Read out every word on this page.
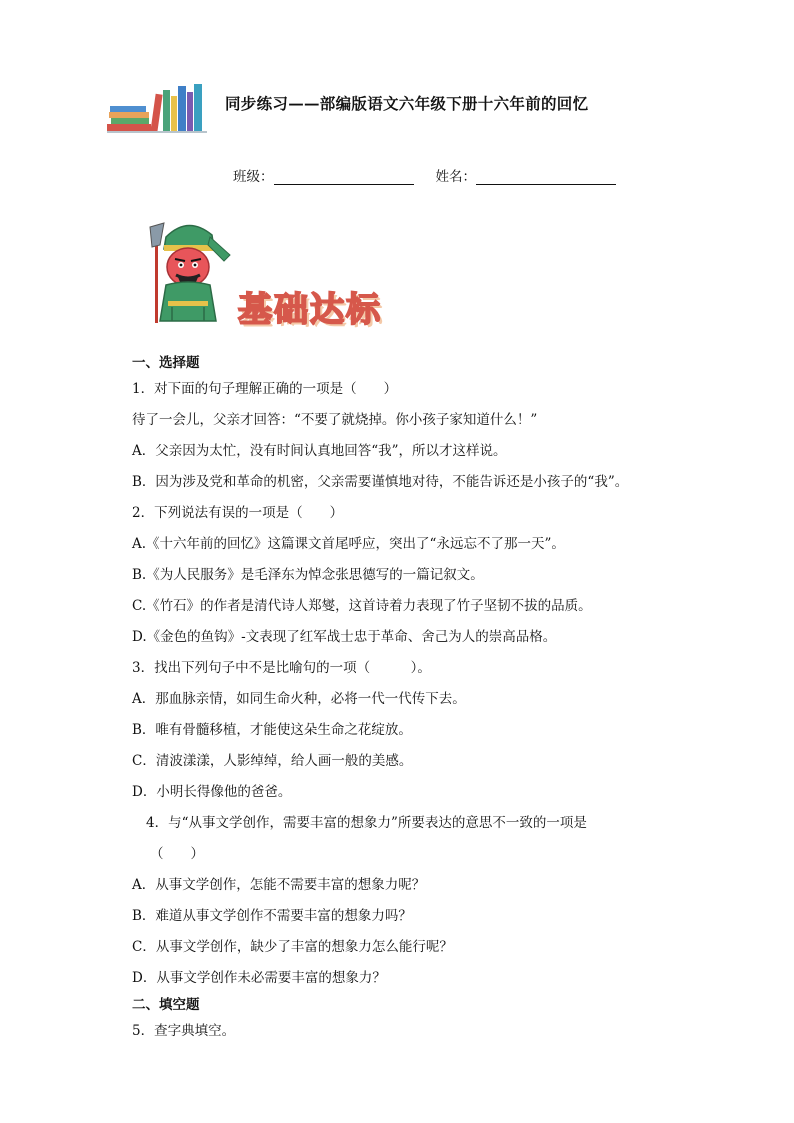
同步练习——部编版语文六年级下册十六年前的回忆
班级：	姓名：
基础达标
一、选择题
1．对下面的句子理解正确的一项是（　　）
待了一会儿，父亲才回答：“不要了就烧掉。你小孩子家知道什么！”
A．父亲因为太忙，没有时间认真地回答“我”，所以才这样说。
B．因为涉及党和革命的机密，父亲需要谨慎地对待，不能告诉还是小孩子的“我”。
2．下列说法有误的一项是（　　）
A.《十六年前的回忆》这篇课文首尾呼应，突出了“永远忘不了那一天”。
B.《为人民服务》是毛泽东为悼念张思德写的一篇记叙文。
C.《竹石》的作者是清代诗人郑燮，这首诗着力表现了竹子坚韧不拔的品质。
D.《金色的鱼钩》-文表现了红军战士忠于革命、舍己为人的崇高品格。
3．找出下列句子中不是比喻句的一项（　　　）。
A．那血脉亲情，如同生命火种，必将一代一代传下去。
B．唯有骨髓移植，才能使这朵生命之花绽放。
C．清波漾漾，人影绰绰，给人画一般的美感。
D．小明长得像他的爸爸。
4．与“从事文学创作，需要丰富的想象力”所要表达的意思不一致的一项是
（　　）
A．从事文学创作，怎能不需要丰富的想象力呢？
B．难道从事文学创作不需要丰富的想象力吗？
C．从事文学创作，缺少了丰富的想象力怎么能行呢？
D．从事文学创作未必需要丰富的想象力？
二、填空题
5．查字典填空。
